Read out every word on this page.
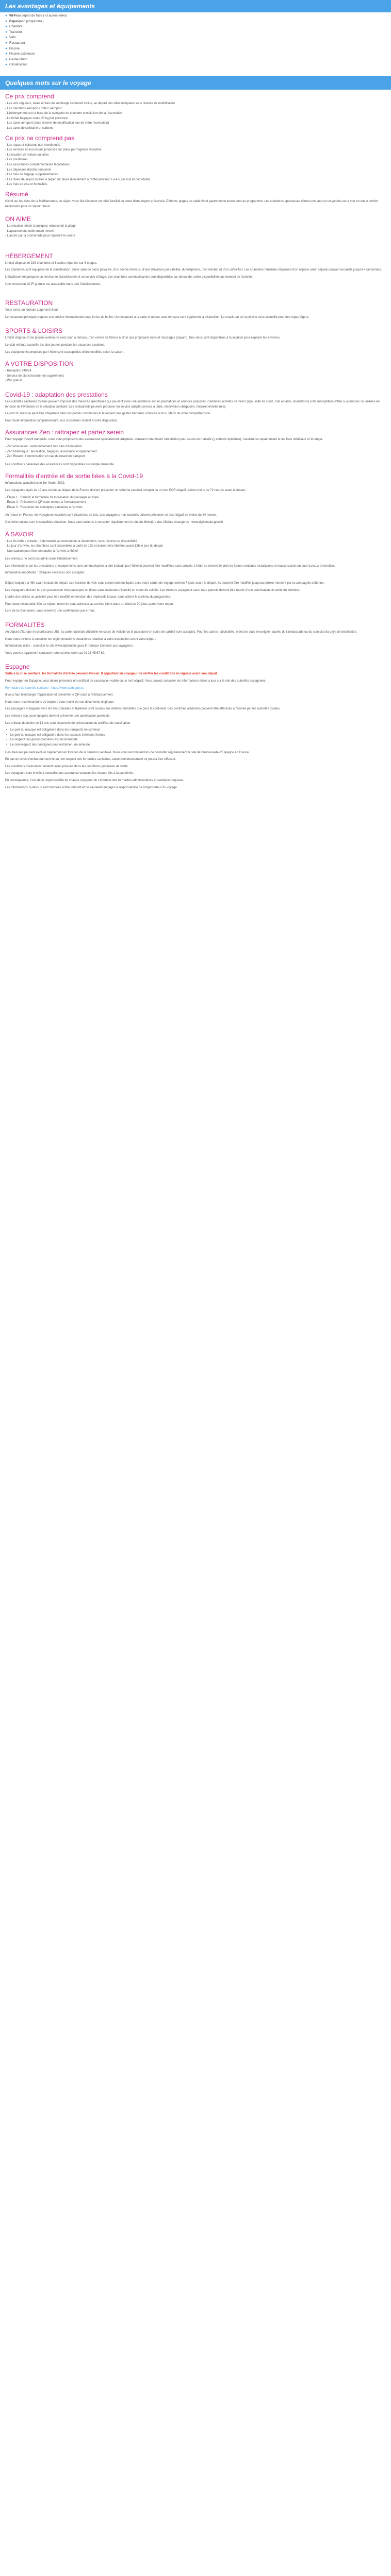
Les avantages et équipements
● Wi-Fi au départ de Nice (+3 autres villes)
● Repas (non programme)
● Chambre
● Transfert
● Vélo
● Restaurant
● Piscine
● Piscine extérieure
● Restauration
● Climatisation
Quelques mots sur le voyage
Ce prix comprend
- Les vols réguliers, taxes et frais de surcharge carburant inclus, au départ des villes indiquées sous réserve de modification
- Les transferts aéroport / hôtel / aéroport
- L'hébergement sur la base de la catégorie de chambre choisie lors de la réservation
- Le forfait bagages soute 20 kg par personne
- Les taxes aéroport (sous réserve de modification lors de votre réservation)
- Les taxes de solidarité et carbone
Ce prix ne comprend pas
- Les repas et boissons non mentionnés
- Les services et excursions proposés sur place par l'agence réceptive
- La location de voiture ou vélos
- Les pourboires
- Les assurances complémentaires facultatives
- Les dépenses d'ordre personnel
- Les frais de bagage supplémentaires
- Les taxes de séjour locales à régler sur place directement à l'hôtel (environ 2 à 4 € par nuit et par adulte)
- Les frais de visa et formalités
Résumé
Niché sur les rives de la Méditerranée, ce séjour vous fait découvrir un hôtel familial au cœur d'une région préservée. Détente, plages de sable fin et gastronomie locale sont au programme. Les chambres spacieuses offrent une vue sur les jardins ou la mer et tout le confort nécessaire pour un séjour réussi.
ON AIME
- La situation idéale à quelques minutes de la plage
- L'appartement entièrement rénové
- L'accès par la promenade pour rejoindre le centre
HÉBERGEMENT
L'hôtel dispose de 193 chambres et 8 suites réparties sur 8 étages.
Les chambres sont équipées de la climatisation, d'une salle de bains privative, d'un sèche-cheveux, d'une télévision par satellite, du téléphone, d'un minibar et d'un coffre-fort. Les chambres familiales disposent d'un espace salon séparé pouvant accueillir jusqu'à 4 personnes.
L'établissement propose un service de blanchisserie et un service d'étage. Les chambres communicantes sont disponibles sur demande, selon disponibilités au moment de l'arrivée.
Une connexion Wi-Fi gratuite est accessible dans tout l'établissement.
RESTAURATION
Vous serez en formule Logement Seul.
Le restaurant principal propose une cuisine internationale sous forme de buffet. Un restaurant à la carte et un bar avec terrasse sont également à disposition. Le snack-bar de la piscine vous accueille pour des repas légers.
SPORTS & LOISIRS
L'hôtel dispose d'une piscine extérieure avec bain à remous, d'un centre de fitness et d'un spa proposant soins et massages (payant). Des vélos sont disponibles à la location pour explorer les environs.
Le club enfants accueille les plus jeunes pendant les vacances scolaires.
Les équipements proposés par l'hôtel sont susceptibles d'être modifiés selon la saison.
A VOTRE DISPOSITION
- Réception 24h/24
- Service de blanchisserie (en supplément)
- Wifi gratuit
Covid-19 : adaptation des prestations
Les autorités sanitaires locales peuvent imposer des mesures spécifiques qui peuvent avoir une incidence sur les prestations et services proposés. Certaines activités de loisirs (spa, salle de sport, club enfants, animations) sont susceptibles d'être suspendues ou limitées en fonction de l'évolution de la situation sanitaire. Les restaurants peuvent proposer un service adapté (service à table, réservation obligatoire, horaires échelonnés).
Le port du masque peut être obligatoire dans les parties communes et le respect des gestes barrières s'impose à tous. Merci de votre compréhension.
Pour toute information complémentaire, nos conseillers restent à votre disposition.
Assurances Zen : rattrapez et partez serein
Pour voyager l'esprit tranquille, nous vous proposons des assurances spécialement adaptées, couvrant notamment l'annulation pour cause de maladie (y compris épidémie), l'assistance rapatriement et les frais médicaux à l'étranger.
- Zen Annulation : remboursement des frais d'annulation
- Zen Multirisque : annulation, bagages, assistance et rapatriement
- Zen Retard : indemnisation en cas de retard de transport
Les conditions générales des assurances sont disponibles sur simple demande.
Formalités d'entrée et de sortie liées à la Covid-19
Informations actualisées le 1er février 2022.
Les voyageurs âgés de 12 ans et plus au départ de la France doivent présenter un schéma vaccinal complet ou un test PCR négatif réalisé moins de 72 heures avant le départ.
- Étape 1 : Remplir le formulaire de localisation du passager en ligne
- Étape 2 : Présenter le QR code obtenu à l'embarquement
- Étape 3 : Respecter les consignes sanitaires à l'arrivée
Au retour en France, les voyageurs vaccinés sont dispensés de test. Les voyageurs non vaccinés doivent présenter un test négatif de moins de 24 heures.
Ces informations sont susceptibles d'évoluer. Nous vous invitons à consulter régulièrement le site du Ministère des Affaires étrangères : www.diplomatie.gouv.fr
A SAVOIR
- Les lits bébé / enfants : à demander au moment de la réservation, sous réserve de disponibilité
- Le jour d'arrivée, les chambres sont disponibles à partir de 15h et doivent être libérées avant 12h le jour du départ
- Une caution peut être demandée à l'arrivée à l'hôtel
Les animaux ne sont pas admis dans l'établissement.
Les informations sur les prestations et équipements sont communiquées à titre indicatif par l'hôtel et peuvent être modifiées sans préavis. L'hôtel se réserve le droit de fermer certaines installations en basse saison ou pour travaux d'entretien.
Information importante : Chèques vacances non acceptés.
Départ toujours à 48h avant la date de départ. Les horaires de vols vous seront communiqués avec votre carnet de voyage environ 7 jours avant le départ. Ils peuvent être modifiés jusqu'au dernier moment par la compagnie aérienne.
Les voyageurs doivent être en possession d'un passeport ou d'une carte nationale d'identité en cours de validité. Les mineurs voyageant sans leurs parents doivent être munis d'une autorisation de sortie du territoire.
L'ordre des visites ou activités peut être modifié en fonction des impératifs locaux, sans altérer le contenu du programme.
Pour toute réclamation liée au séjour, merci de vous adresser au service client dans un délai de 30 jours après votre retour.
Lors de la réservation, vous recevrez une confirmation par e-mail.
FORMALITÉS
Au départ d'Europe (ressortissants UE) : la carte nationale d'identité en cours de validité ou le passeport en cours de validité sont acceptés. Pour les autres nationalités, merci de vous renseigner auprès de l'ambassade ou du consulat du pays de destination.
Nous vous invitons à consulter les réglementations douanières relatives à votre destination avant votre départ.
Informations utiles : consulter le site www.diplomatie.gouv.fr rubrique Conseils aux voyageurs.
Vous pouvez également contacter notre service client au 01 23 45 67 89.
Espagne
Suite à la crise sanitaire, les formalités d'entrée peuvent évoluer. Il appartient au voyageur de vérifier les conditions en vigueur avant son départ.
Pour voyager en Espagne, vous devez présenter un certificat de vaccination valide ou un test négatif. Vous pouvez consulter les informations mises à jour sur le site des autorités espagnoles.
Formulaire de contrôle sanitaire : https://www.spth.gob.es
Il vous faut télécharger l'application et présenter le QR code à l'embarquement.
Nous vous recommandons de toujours vous munir de vos documents originaux.
Les passagers voyageant vers les îles Canaries et Baléares sont soumis aux mêmes formalités que pour le continent. Des contrôles aléatoires peuvent être effectués à l'arrivée par les autorités locales.
Les mineurs non accompagnés doivent présenter une autorisation parentale.
Les enfants de moins de 12 ans sont dispensés de présentation du certificat de vaccination.
• Le port du masque est obligatoire dans les transports en commun
• Le port du masque est obligatoire dans les espaces intérieurs fermés
• Le respect des gestes barrières est recommandé
• Le non-respect des consignes peut entraîner une amende
Ces mesures peuvent évoluer rapidement en fonction de la situation sanitaire. Nous vous recommandons de consulter régulièrement le site de l'ambassade d'Espagne en France.
En cas de refus d'embarquement lié au non-respect des formalités sanitaires, aucun remboursement ne pourra être effectué.
Les conditions d'annulation restent celles prévues dans les conditions générales de vente.
Les voyageurs sont invités à souscrire une assurance couvrant les risques liés à la pandémie.
En conséquence, il est de la responsabilité de chaque voyageur de s'informer des formalités administratives et sanitaires requises.
Les informations ci-dessus sont données à titre indicatif et ne sauraient engager la responsabilité de l'organisateur du voyage.
